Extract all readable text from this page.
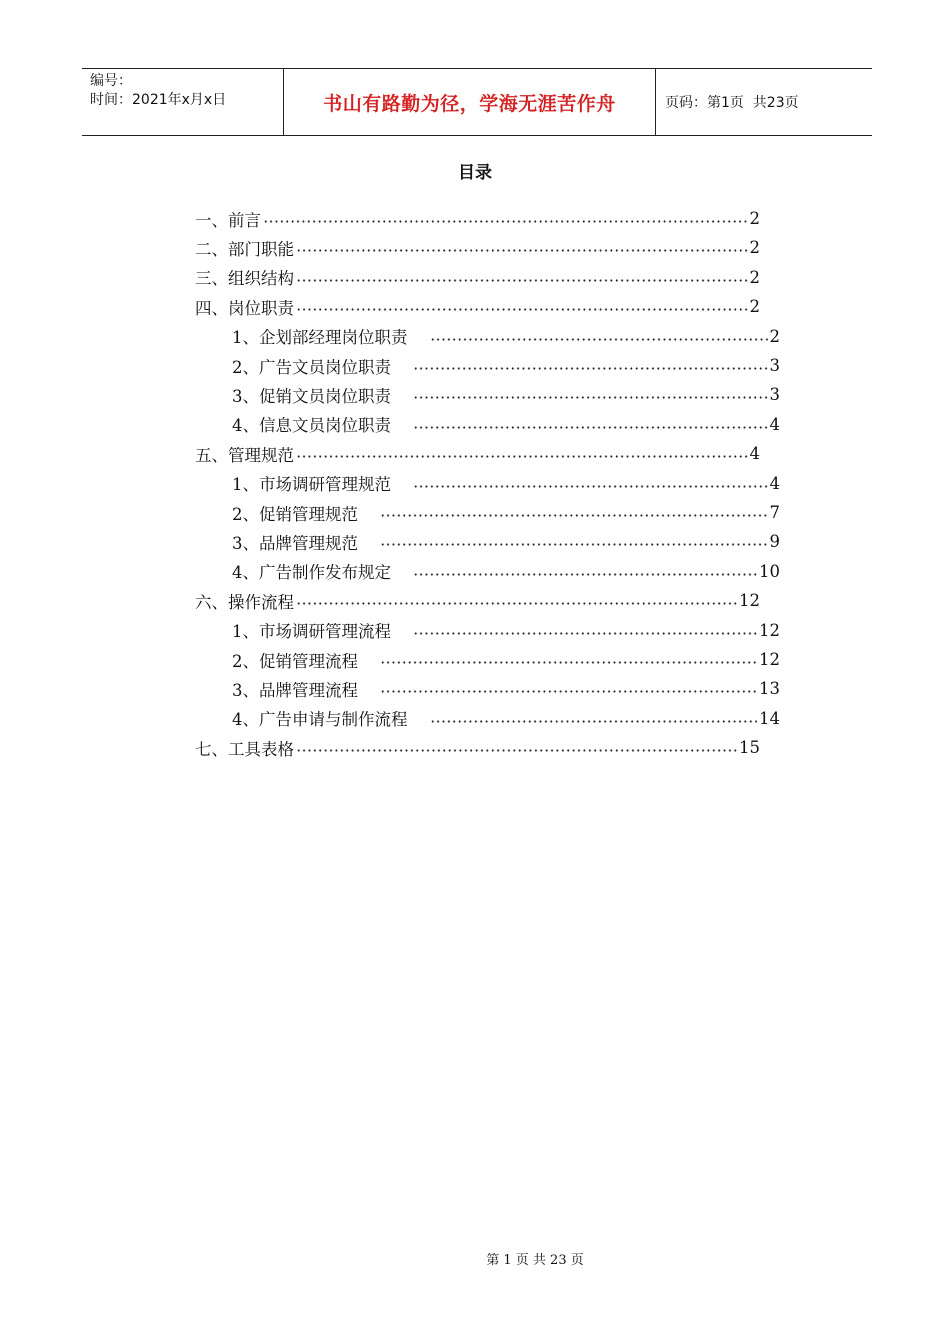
编号：
时间：2021年x月x日	书山有路勤为径，学海无涯苦作舟	页码：第1页  共23页
目录
一、前言	2
二、部门职能	2
三、组织结构	2
四、岗位职责	2
1、企划部经理岗位职责	2
2、广告文员岗位职责	3
3、促销文员岗位职责	3
4、信息文员岗位职责	4
五、管理规范	4
1、市场调研管理规范	4
2、促销管理规范	7
3、品牌管理规范	9
4、广告制作发布规定	10
六、操作流程	12
1、市场调研管理流程	12
2、促销管理流程	12
3、品牌管理流程	13
4、广告申请与制作流程	14
七、工具表格	15
第 1 页 共 23 页
